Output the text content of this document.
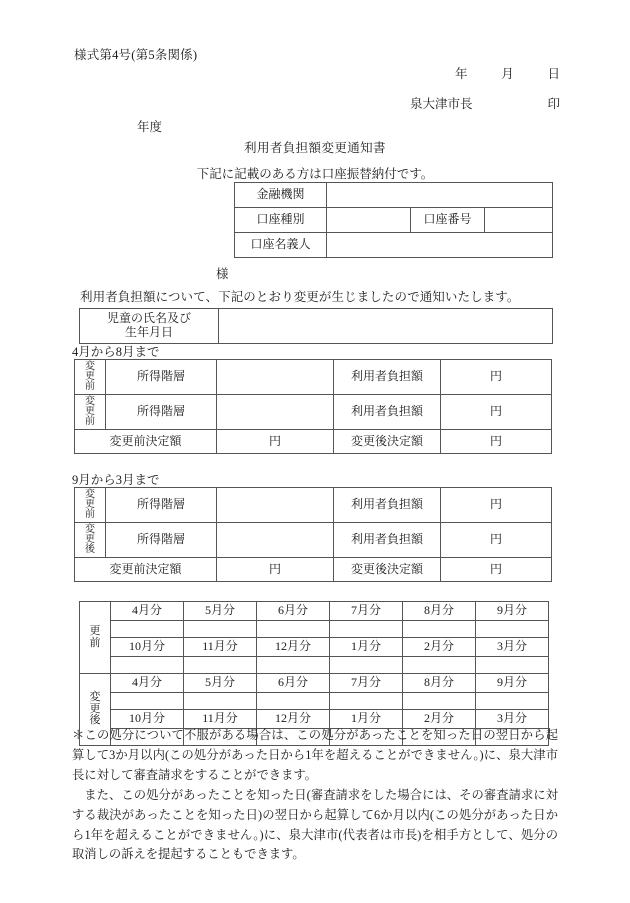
様式第4号(第5条関係)
年	月	日
泉大津市長	印
年度
利用者負担額変更通知書
下記に記載のある方は口座振替納付です。
金融機関			
口座種別		口座番号	
口座名義人			
様
利用者負担額について、下記のとおり変更が生じましたので通知いたします。
児童の氏名及び
生年月日

4月から8月まで
変
更
前	所得階層		利用者負担額	円

変
更
前	所得階層		利用者負担額	円
変更前決定額		円	変更後決定額	円
9月から3月まで
変
更
前	所得階層		利用者負担額	円

変
更
後	所得階層		利用者負担額	円
変更前決定額		円	変更後決定額	円
更
前	4月分	5月分	6月分	7月分	8月分	9月分

	10月分	11月分	12月分	1月分	2月分	3月分

変
更
後	4月分	5月分	6月分	7月分	8月分	9月分

	10月分	11月分	12月分	1月分	2月分	3月分

＊この処分について不服がある場合は、この処分があったことを知った日の翌日から起算して3か月以内(この処分があった日から1年を超えることができません。)に、泉大津市長に対して審査請求をすることができます。

また、この処分があったことを知った日(審査請求をした場合には、その審査請求に対する裁決があったことを知った日)の翌日から起算して6か月以内(この処分があった日から1年を超えることができません。)に、泉大津市(代表者は市長)を相手方として、処分の取消しの訴えを提起することもできます。
